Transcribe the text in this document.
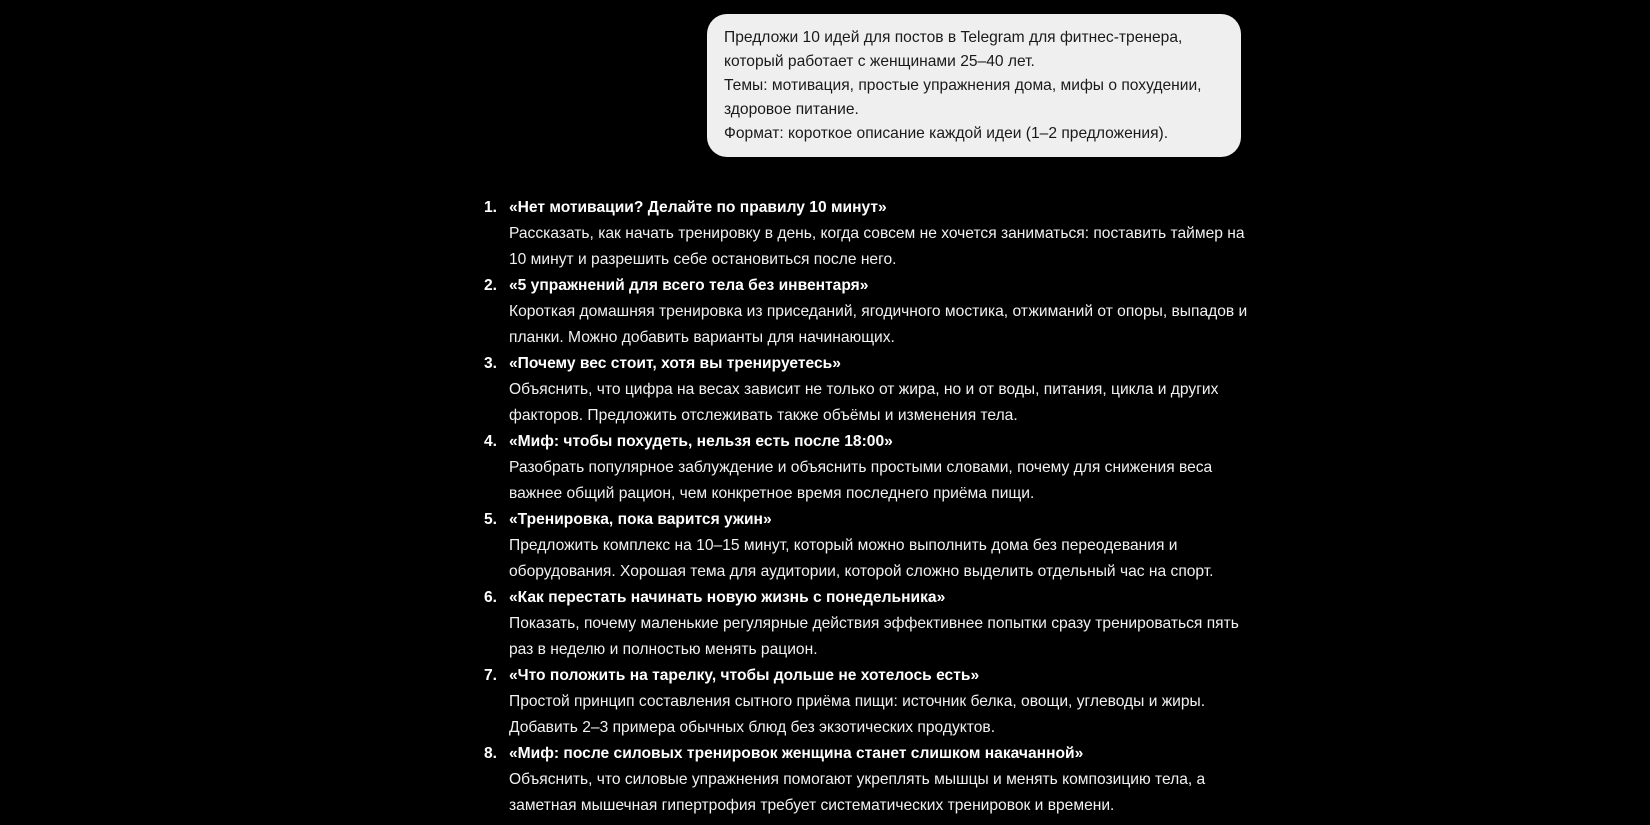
Предложи 10 идей для постов в Telegram для фитнес-тренера, который работает с женщинами 25–40 лет.

Темы: мотивация, простые упражнения дома, мифы о похудении, здоровое питание.

Формат: короткое описание каждой идеи (1–2 предложения).

1. «Нет мотивации? Делайте по правилу 10 минут»
Рассказать, как начать тренировку в день, когда совсем не хочется заниматься: поставить таймер на 10 минут и разрешить себе остановиться после него.
2. «5 упражнений для всего тела без инвентаря»
Короткая домашняя тренировка из приседаний, ягодичного мостика, отжиманий от опоры, выпадов и планки. Можно добавить варианты для начинающих.
3. «Почему вес стоит, хотя вы тренируетесь»
Объяснить, что цифра на весах зависит не только от жира, но и от воды, питания, цикла и других факторов. Предложить отслеживать также объёмы и изменения тела.
4. «Миф: чтобы похудеть, нельзя есть после 18:00»
Разобрать популярное заблуждение и объяснить простыми словами, почему для снижения веса важнее общий рацион, чем конкретное время последнего приёма пищи.
5. «Тренировка, пока варится ужин»
Предложить комплекс на 10–15 минут, который можно выполнить дома без переодевания и оборудования. Хорошая тема для аудитории, которой сложно выделить отдельный час на спорт.
6. «Как перестать начинать новую жизнь с понедельника»
Показать, почему маленькие регулярные действия эффективнее попытки сразу тренироваться пять раз в неделю и полностью менять рацион.
7. «Что положить на тарелку, чтобы дольше не хотелось есть»
Простой принцип составления сытного приёма пищи: источник белка, овощи, углеводы и жиры. Добавить 2–3 примера обычных блюд без экзотических продуктов.
8. «Миф: после силовых тренировок женщина станет слишком накачанной»
Объяснить, что силовые упражнения помогают укреплять мышцы и менять композицию тела, а заметная мышечная гипертрофия требует систематических тренировок и времени.
